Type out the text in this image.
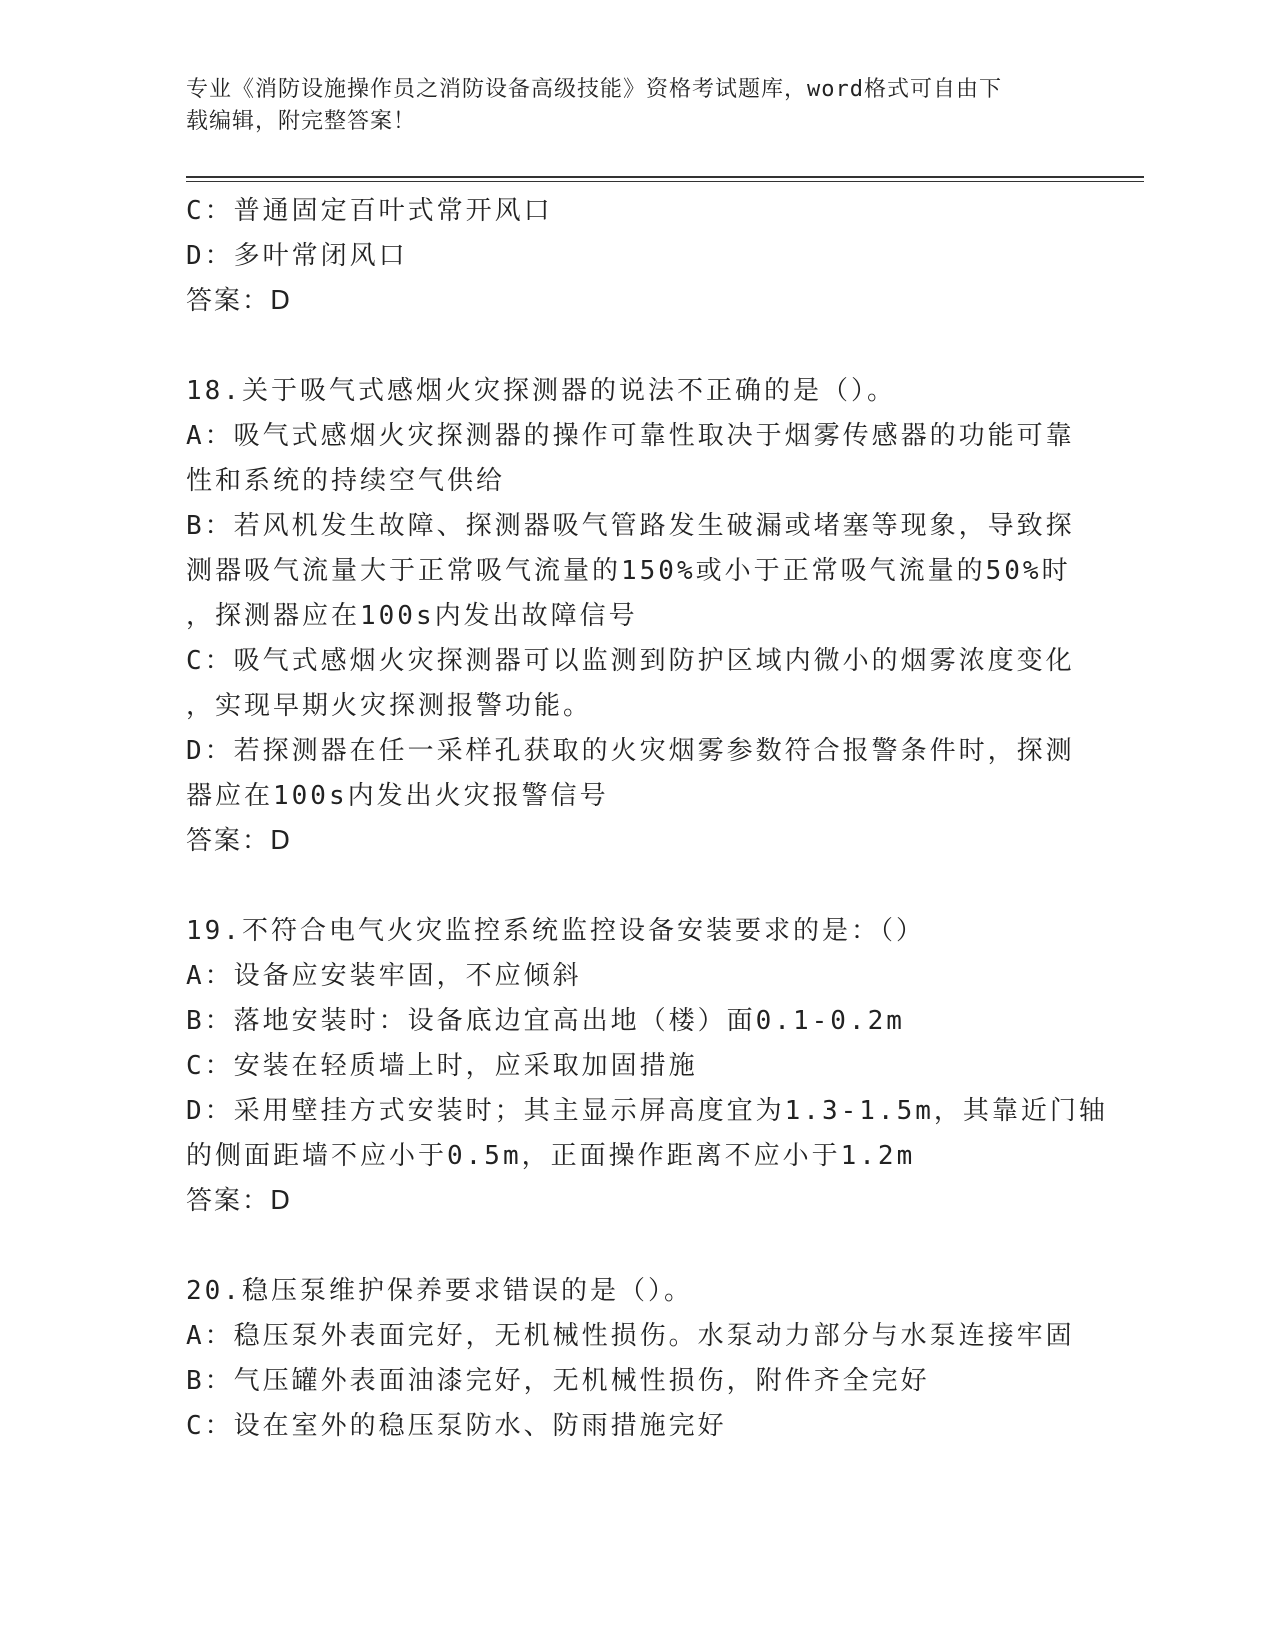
专业《消防设施操作员之消防设备高级技能》资格考试题库，word格式可自由下
载编辑，附完整答案！
C：普通固定百叶式常开风口
D：多叶常闭风口
答案：D
18.关于吸气式感烟火灾探测器的说法不正确的是（）。
A：吸气式感烟火灾探测器的操作可靠性取决于烟雾传感器的功能可靠
性和系统的持续空气供给
B：若风机发生故障、探测器吸气管路发生破漏或堵塞等现象，导致探
测器吸气流量大于正常吸气流量的150%或小于正常吸气流量的50%时
，探测器应在100s内发出故障信号
C：吸气式感烟火灾探测器可以监测到防护区域内微小的烟雾浓度变化
，实现早期火灾探测报警功能。
D：若探测器在任一采样孔获取的火灾烟雾参数符合报警条件时，探测
器应在100s内发出火灾报警信号
答案：D
19.不符合电气火灾监控系统监控设备安装要求的是：（）
A：设备应安装牢固，不应倾斜
B：落地安装时：设备底边宜高出地（楼）面0.1-0.2m
C：安装在轻质墙上时，应采取加固措施
D：采用壁挂方式安装时；其主显示屏高度宜为1.3-1.5m，其靠近门轴
的侧面距墙不应小于0.5m，正面操作距离不应小于1.2m
答案：D
20.稳压泵维护保养要求错误的是（）。
A：稳压泵外表面完好，无机械性损伤。水泵动力部分与水泵连接牢固
B：气压罐外表面油漆完好，无机械性损伤，附件齐全完好
C：设在室外的稳压泵防水、防雨措施完好
